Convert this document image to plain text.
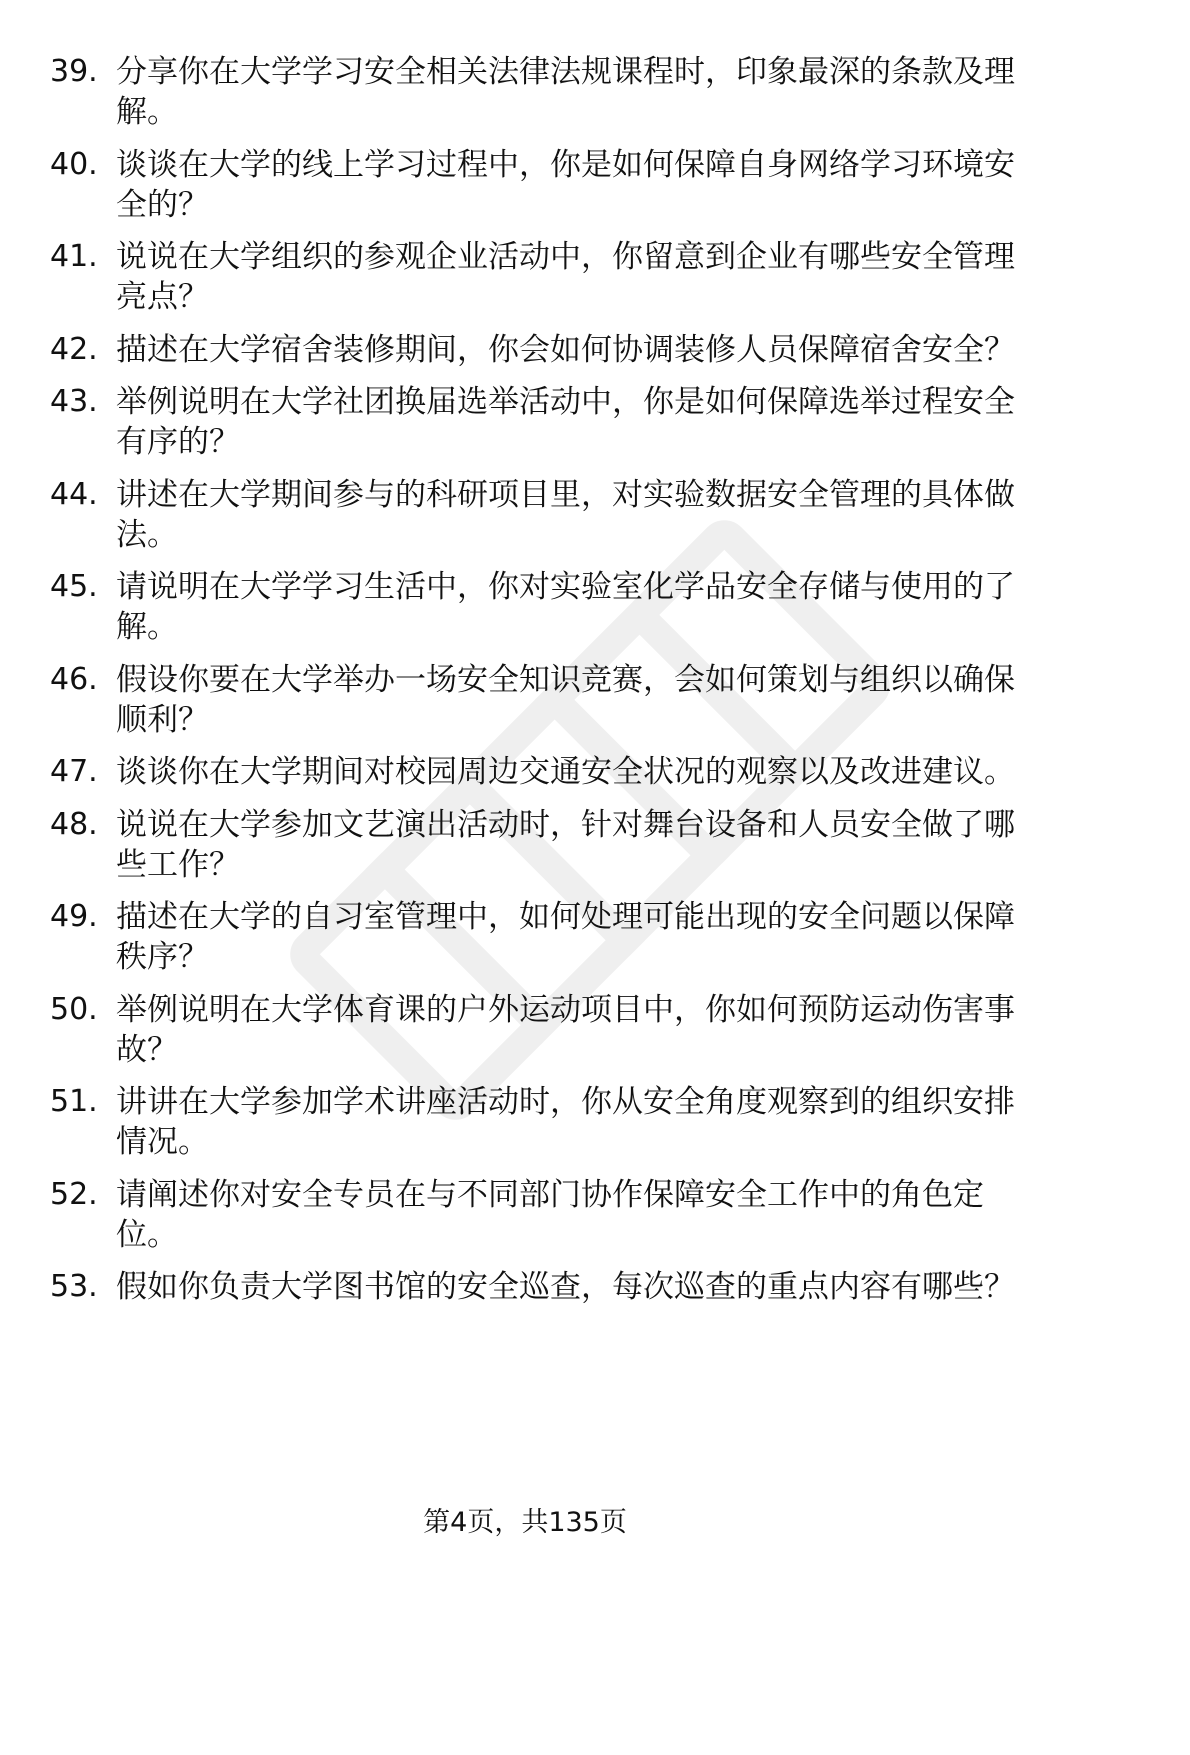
39. 分享你在大学学习安全相关法律法规课程时，印象最深的条款及理解。
40. 谈谈在大学的线上学习过程中，你是如何保障自身网络学习环境安全的？
41. 说说在大学组织的参观企业活动中，你留意到企业有哪些安全管理亮点？
42. 描述在大学宿舍装修期间，你会如何协调装修人员保障宿舍安全？
43. 举例说明在大学社团换届选举活动中，你是如何保障选举过程安全有序的？
44. 讲述在大学期间参与的科研项目里，对实验数据安全管理的具体做法。
45. 请说明在大学学习生活中，你对实验室化学品安全存储与使用的了解。
46. 假设你要在大学举办一场安全知识竞赛，会如何策划与组织以确保顺利？
47. 谈谈你在大学期间对校园周边交通安全状况的观察以及改进建议。
48. 说说在大学参加文艺演出活动时，针对舞台设备和人员安全做了哪些工作？
49. 描述在大学的自习室管理中，如何处理可能出现的安全问题以保障秩序？
50. 举例说明在大学体育课的户外运动项目中，你如何预防运动伤害事故？
51. 讲讲在大学参加学术讲座活动时，你从安全角度观察到的组织安排情况。
52. 请阐述你对安全专员在与不同部门协作保障安全工作中的角色定位。
53. 假如你负责大学图书馆的安全巡查，每次巡查的重点内容有哪些？
第4页，共135页
